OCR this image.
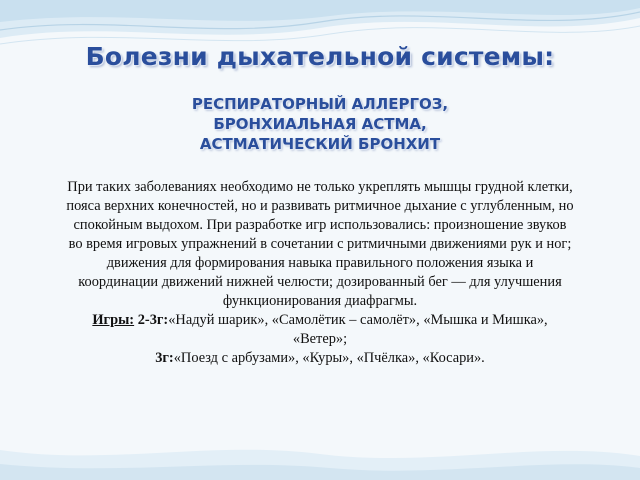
Болезни дыхательной системы:
РЕСПИРАТОРНЫЙ АЛЛЕРГОЗ,
БРОНХИАЛЬНАЯ АСТМА,
АСТМАТИЧЕСКИЙ БРОНХИТ

При таких заболеваниях необходимо не только укреплять мышцы грудной клетки, пояса верхних конечностей, но и развивать ритмичное дыхание с углубленным, но спокойным выдохом. При разработке игр использовались: произношение звуков во время игровых упражнений в сочетании с ритмичными движениями рук и ног; движения для формирования навыка правильного положения языка и координации движений нижней челюсти; дозированный бег — для улучшения функционирования диафрагмы.

Игры: 2-3г:«Надуй шарик», «Самолётик – самолёт», «Мышка и Мишка», «Ветер»;

3г:«Поезд с арбузами», «Куры», «Пчёлка», «Косари».
